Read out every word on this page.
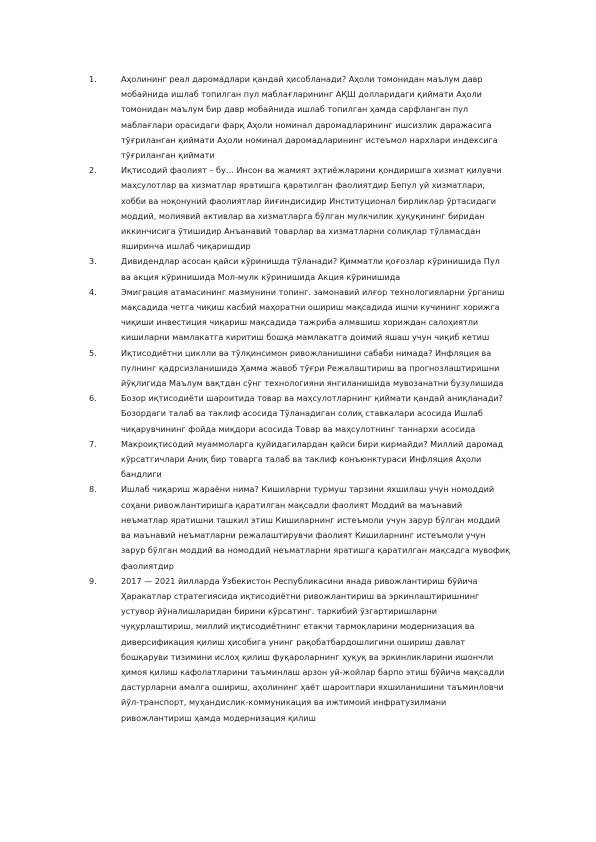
1.	Аҳолининг реал даромадлари қандай ҳисобланади? Аҳоли томонидан маълум давр мобайнида ишлаб топилган пул маблағларининг АҚШ долларидаги қиймати Аҳоли томонидан маълум бир давр мобайнида ишлаб топилган ҳамда сарфланган пул маблағлари орасидаги фарқ Аҳоли номинал даромадларининг ишсизлик даражасига тўғриланган қиймати Аҳоли номинал даромадларининг истеъмол нархлари индексига тўғриланган қиймати
2.	Иқтисодий фаолият – бу… Инсон ва жамият эҳтиёжларини қондиришга хизмат қилувчи маҳсулотлар ва хизматлар яратишга қаратилган фаолиятдир Бепул уй хизматлари, хобби ва ноқонуний фаолиятлар йиғиндисидир Институционал бирликлар ўртасидаги моддий, молиявий активлар ва хизматларга бўлган мулкчилик ҳуқуқининг биридан иккинчисига ўтишидир Анъанавий товарлар ва хизматларни солиқлар тўламасдан яширинча ишлаб чиқаришдир
3.	Дивидендлар асосан қайси кўринишда тўланади? Қимматли қоғозлар кўринишида Пул ва акция кўринишида Мол-мулк кўринишида Акция кўринишида
4.	Эмиграция атамасининг мазмунини топинг. замонавий илғор технологияларни ўрганиш мақсадида четга чиқиш касбий маҳоратни ошириш мақсадида ишчи кучининг хорижга чиқиши инвестиция чиқариш мақсадида тажриба алмашиш хориждан салоҳиятли кишиларни мамлакатга киритиш бошқа мамлакатга доимий яшаш учун чиқиб кетиш
5.	Иқтисодиётни циклли ва тўлқинсимон ривожланишини сабаби нимада? Инфляция ва пулнинг қадрсизланишида Ҳамма жавоб тўғри Режалаштириш ва прогнозлаштиришни йўқлигида Маълум вақтдан сўнг технологияни янгиланишида мувозанатни бузулишида
6.	Бозор иқтисодиёти шароитида товар ва маҳсулотларнинг қиймати қандай аниқланади? Бозордаги талаб ва таклиф асосида Тўланадиган солиқ ставкалари асосида Ишлаб чиқарувчининг фойда миқдори асосида Товар ва маҳсулотнинг таннархи асосида
7.	Макроиқтисодий муаммоларга қуйидагилардан қайси бири кирмайди? Миллий даромад кўрсатгичлари Аниқ бир товарга талаб ва таклиф конъюнктураси Инфляция Аҳоли бандлиги
8.	Ишлаб чиқариш жараёни нима? Кишиларни турмуш тарзини яхшилаш учун номоддий соҳани ривожлантиришга қаратилган мақсадли фаолият Моддий ва маънавий неъматлар яратишни ташкил этиш Кишиларнинг истеъмоли учун зарур бўлган моддий ва маънавий неъматларни режалаштирувчи фаолият Кишиларнинг истеъмоли учун зарур бўлган моддий ва номоддий неъматларни яратишга қаратилган мақсадга мувофиқ фаолиятдир
9.	2017 — 2021 йилларда Ўзбекистон Республикасини янада ривожлантириш бўйича Ҳаракатлар стратегиясида иқтисодиётни ривожлантириш ва эркинлаштиришнинг устувор йўналишларидан бирини кўрсатинг. таркибий ўзгартиришларни чуқурлаштириш, миллий иқтисодиётнинг етакчи тармоқларини модернизация ва диверсификация қилиш ҳисобига унинг рақобатбардошлигини ошириш давлат бошқаруви тизимини ислоҳ қилиш фуқароларнинг ҳуқуқ ва эркинликларини ишончли ҳимоя қилиш кафолатларини таъминлаш арзон уй-жойлар барпо этиш бўйича мақсадли дастурларни амалга ошириш, аҳолининг ҳаёт шароитлари яхшиланишини таъминловчи йўл-транспорт, муҳандислик-коммуникация ва ижтимоий инфратузилмани ривожлантириш ҳамда модернизация қилиш
